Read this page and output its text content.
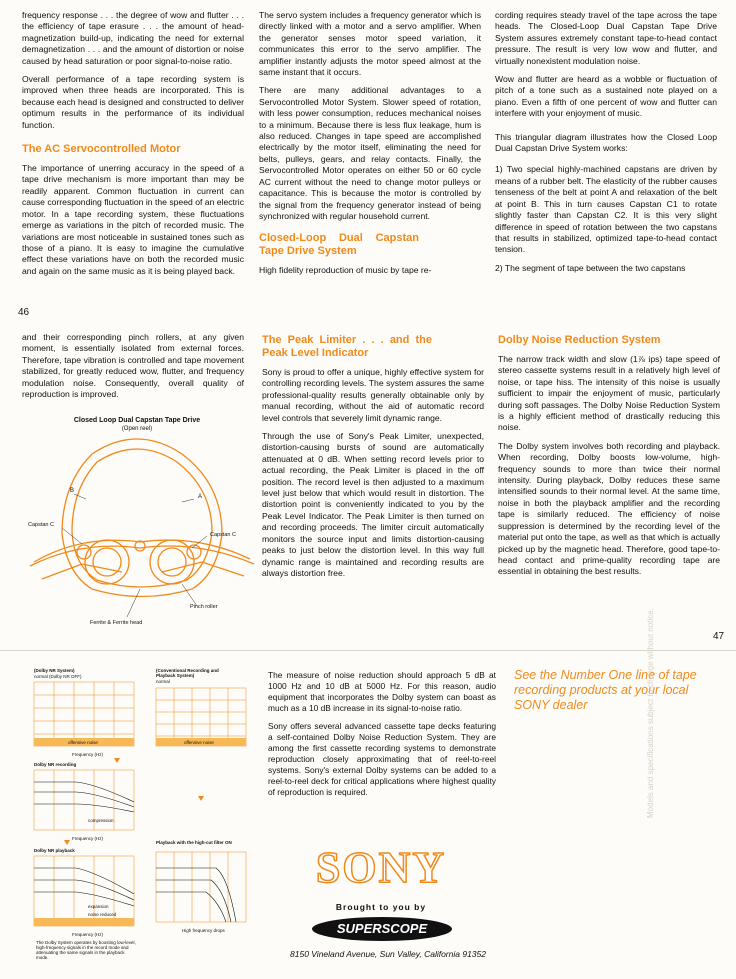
frequency response . . . the degree of wow and flutter . . . the efficiency of tape erasure . . . the amount of head-magnetization build-up, indicating the need for external demagnetization . . . and the amount of distortion or noise caused by head saturation or poor signal-to-noise ratio.

Overall performance of a tape recording system is improved when three heads are incorporated. This is because each head is designed and constructed to deliver optimum results in the performance of its individual function.

The AC Servocontrolled Motor

The importance of unerring accuracy in the speed of a tape drive mechanism is more important than may be readily apparent. Common fluctuation in current can cause corresponding fluctuation in the speed of an electric motor. In a tape recording system, these fluctuations emerge as variations in the pitch of recorded music. The variations are most noticeable in sustained tones such as those of a piano. It is easy to imagine the cumulative effect these variations have on both the recorded music and again on the same music as it is being played back.

The servo system includes a frequency generator which is directly linked with a motor and a servo amplifier. When the generator senses motor speed variation, it communicates this error to the servo amplifier. The amplifier instantly adjusts the motor speed almost at the same instant that it occurs.

There are many additional advantages to a Servocontrolled Motor System. Slower speed of rotation, with less power consumption, reduces mechanical noises to a minimum. Because there is less flux leakage, hum is also reduced. Changes in tape speed are accomplished electrically by the motor itself, eliminating the need for belts, pulleys, gears, and relay contacts. Finally, the Servocontrolled Motor operates on either 50 or 60 cycle AC current without the need to change motor pulleys or capacitance. This is because the motor is controlled by the signal from the frequency generator instead of being synchronized with regular household current.

Closed-Loop Dual Capstan Tape Drive System

High fidelity reproduction of music by tape re-

cording requires steady travel of the tape across the tape heads. The Closed-Loop Dual Capstan Tape Drive System assures extremely constant tape-to-head contact pressure. The result is very low wow and flutter, and virtually nonexistent modulation noise.

Wow and flutter are heard as a wobble or fluctuation of pitch of a tone such as a sustained note played on a piano. Even a fifth of one percent of wow and flutter can interfere with your enjoyment of music.

This triangular diagram illustrates how the Closed Loop Dual Capstan Drive System works:

1) Two special highly-machined capstans are driven by means of a rubber belt. The elasticity of the rubber causes tenseness of the belt at point A and relaxation of the belt at point B. This in turn causes Capstan C1 to rotate slightly faster than Capstan C2. It is this very slight difference in speed of rotation between the two capstans that results in stabilized, optimized tape-to-head contact tension.

2) The segment of tape between the two capstans

46

and their corresponding pinch rollers, at any given moment, is essentially isolated from external forces. Therefore, tape vibration is controlled and tape movement stabilized, for greatly reduced wow, flutter, and frequency modulation noise. Consequently, overall quality of reproduction is improved.

Closed Loop Dual Capstan Tape Drive
(Open reel)
B
A
Capstan C
Capstan C
Pinch roller
Ferrite & Ferrite head
The Peak Limiter . . . and the Peak Level Indicator

Sony is proud to offer a unique, highly effective system for controlling recording levels. The system assures the same professional-quality results generally obtainable only by manual recording, without the aid of automatic record level controls that severely limit dynamic range.

Through the use of Sony's Peak Limiter, unexpected, distortion-causing bursts of sound are automatically attenuated at 0 dB. When setting record levels prior to actual recording, the Peak Limiter is placed in the off position. The record level is then adjusted to a maximum level just below that which would result in distortion. The distortion point is conveniently indicated to you by the Peak Level Indicator. The Peak Limiter is then turned on and recording proceeds. The limiter circuit automatically monitors the source input and limits distortion-causing peaks to just below the distortion level. In this way full dynamic range is maintained and recording results are always distortion free.

Dolby Noise Reduction System

The narrow track width and slow (1⅞ ips) tape speed of stereo cassette systems result in a relatively high level of noise, or tape hiss. The intensity of this noise is usually sufficient to impair the enjoyment of music, particularly during soft passages. The Dolby Noise Reduction System is a highly efficient method of drastically reducing this noise.

The Dolby system involves both recording and playback. When recording, Dolby boosts low-volume, high-frequency sounds to more than twice their normal intensity. During playback, Dolby reduces these same intensified sounds to their normal level. At the same time, noise in both the playback amplifier and the recording tape is similarly reduced. The efficiency of noise suppression is determined by the recording level of the material put onto the tape, as well as that which is actually picked up by the magnetic head. Therefore, good tape-to-head contact and prime-quality recording tape are essential in obtaining the best results.

47
(Dolby NR System)
normal (Dolby NR OFF)
(Conventional Recording and Playback System)
normal
Dolby NR recording
Dolby NR playback
Playback with the high-cut filter ON
offensive noise	offensive noise
compression
expansion
noise reduced
Frequency (Hz)
Frequency (Hz)
Frequency (Hz)
High frequency drops
The Dolby System operates by boosting low-level, high-frequency signals in the record mode and attenuating the same signals in the playback mode.

The measure of noise reduction should approach 5 dB at 1000 Hz and 10 dB at 5000 Hz. For this reason, audio equipment that incorporates the Dolby system can boast as much as a 10 dB increase in its signal-to-noise ratio.

Sony offers several advanced cassette tape decks featuring a self-contained Dolby Noise Reduction System. They are among the first cassette recording systems to demonstrate reproduction closely approximating that of reel-to-reel systems. Sony's external Dolby systems can be added to a reel-to-reel deck for critical applications where highest quality of reproduction is required.

See the Number One line of tape recording products at your local SONY dealer	Models and specifications subject to change without notice.
SONY
Brought to you by
SUPERSCOPE
8150 Vineland Avenue, Sun Valley, California 91352
